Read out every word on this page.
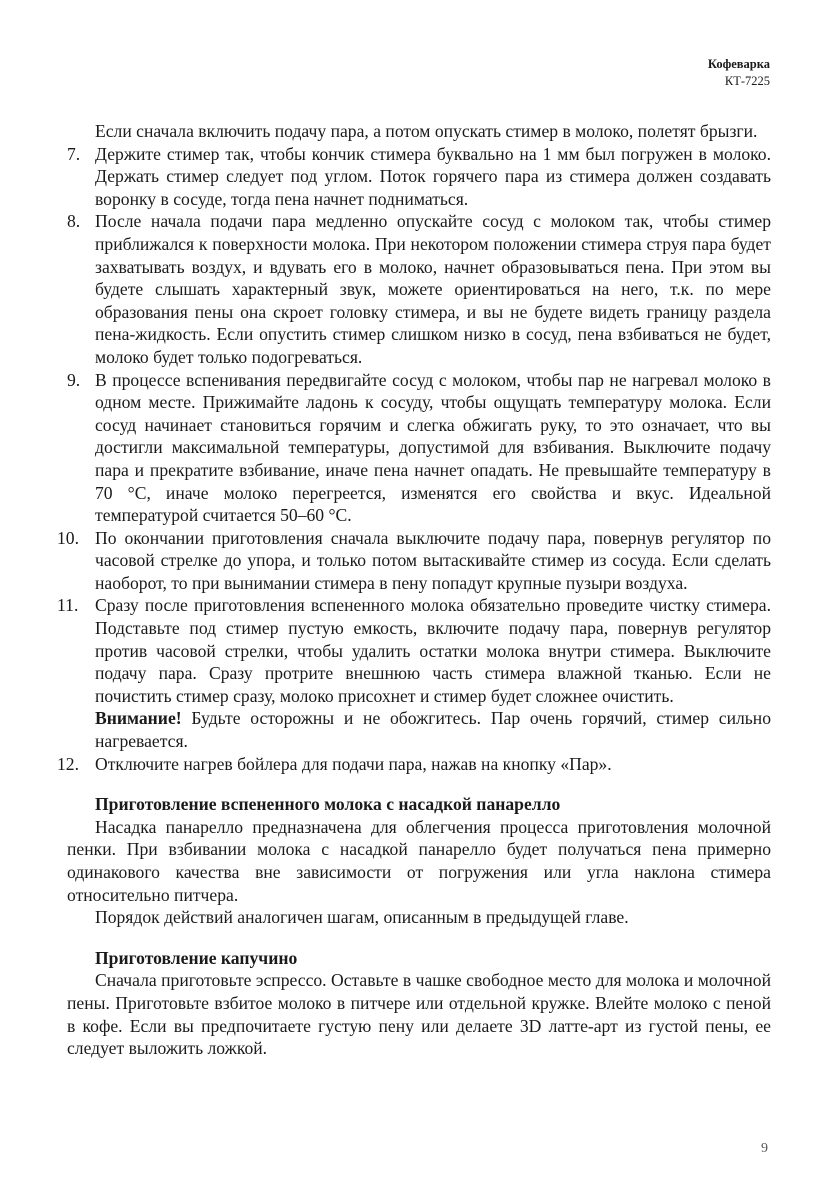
Кофеварка
КТ-7225

Если сначала включить подачу пара, а потом опускать стимер в молоко, полетят брызги.

7. Держите стимер так, чтобы кончик стимера буквально на 1 мм был погружен в молоко. Держать стимер следует под углом. Поток горячего пара из стимера должен создавать воронку в сосуде, тогда пена начнет подниматься.

8. После начала подачи пара медленно опускайте сосуд с молоком так, чтобы стимер приближался к поверхности молока. При некотором положении стимера струя пара будет захватывать воздух, и вдувать его в молоко, начнет образовываться пена. При этом вы будете слышать характерный звук, можете ориентироваться на него, т.к. по мере образования пены она скроет головку стимера, и вы не будете видеть границу раздела пена-жидкость. Если опустить стимер слишком низко в сосуд, пена взбиваться не будет, молоко будет только подогреваться.

9. В процессе вспенивания передвигайте сосуд с молоком, чтобы пар не нагревал молоко в одном месте. Прижимайте ладонь к сосуду, чтобы ощущать температуру молока. Если сосуд начинает становиться горячим и слегка обжигать руку, то это означает, что вы достигли максимальной температуры, допустимой для взбивания. Выключите подачу пара и прекратите взбивание, иначе пена начнет опадать. Не превышайте температуру в 70 °С, иначе молоко перегреется, изменятся его свойства и вкус. Идеальной температурой считается 50–60 °С.

10. По окончании приготовления сначала выключите подачу пара, повернув регулятор по часовой стрелке до упора, и только потом вытаскивайте стимер из сосуда. Если сделать наоборот, то при вынимании стимера в пену попадут крупные пузыри воздуха.

11. Сразу после приготовления вспененного молока обязательно проведите чистку стимера. Подставьте под стимер пустую емкость, включите подачу пара, повернув регулятор против часовой стрелки, чтобы удалить остатки молока внутри стимера. Выключите подачу пара. Сразу протрите внешнюю часть стимера влажной тканью. Если не почистить стимер сразу, молоко присохнет и стимер будет сложнее очистить.

Внимание! Будьте осторожны и не обожгитесь. Пар очень горячий, стимер сильно нагревается.

12. Отключите нагрев бойлера для подачи пара, нажав на кнопку «Пар».

Приготовление вспененного молока с насадкой панарелло

Насадка панарелло предназначена для облегчения процесса приготовления молочной пенки. При взбивании молока с насадкой панарелло будет получаться пена примерно одинакового качества вне зависимости от погружения или угла наклона стимера относительно питчера.

Порядок действий аналогичен шагам, описанным в предыдущей главе.

Приготовление капучино

Сначала приготовьте эспрессо. Оставьте в чашке свободное место для молока и молочной пены. Приготовьте взбитое молоко в питчере или отдельной кружке. Влейте молоко с пеной в кофе. Если вы предпочитаете густую пену или делаете 3D латте-арт из густой пены, ее следует выложить ложкой.

9
